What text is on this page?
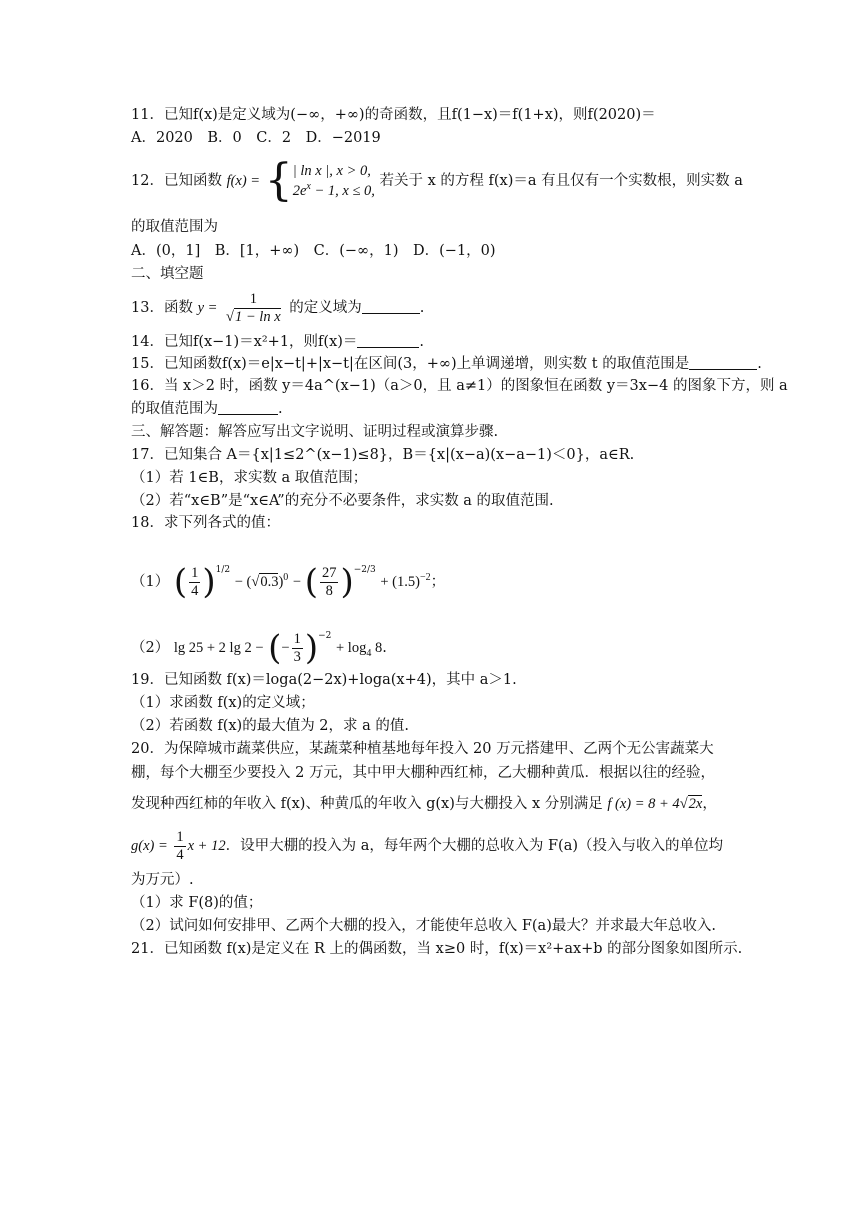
11．已知f(x)是定义域为(−∞，+∞)的奇函数，且f(1−x)＝f(1+x)，则f(2020)＝
A．2020　B．0　C．2　D．−2019
12．已知函数 f(x) = { | ln x |, x > 0,
$2e^x - 1$, x ≤ 0,
若关于 x 的方程 f(x)＝a 有且仅有一个实数根，则实数 a
的取值范围为
A．(0，1]　B．[1，+∞)　C．(−∞，1)　D．(−1，0)
二、填空题
13．函数 $y = \frac{1}{\text{√1 − ln x}}$ 的定义域为	.
14．已知f(x−1)＝x²+1，则f(x)＝	.
15．已知函数f(x)＝e|x−t|+|x−t|在区间(3，+∞)上单调递增，则实数 t 的取值范围是	.
16．当 x＞2 时，函数 y＝4a^(x−1)（a＞0，且 a≠1）的图象恒在函数 y＝3x−4 的图象下方，则 a
的取值范围为	.
三、解答题：解答应写出文字说明、证明过程或演算步骤.
17．已知集合 A＝{x|1≤2^(x−1)≤8}，B＝{x|(x−a)(x−a−1)＜0}，a∈R.
（1）若 1∈B，求实数 a 取值范围；
（2）若“x∈B”是“x∈A”的充分不必要条件，求实数 a 的取值范围.
18．求下列各式的值：
（1） ( $\frac{1}{4} )^{1/2} - (√0.3)^0$ − ( $\frac{27}{8} )^{-2/3} + (1.5)^{-2}$；
（2） lg 25 + 2 lg 2 − (− $\frac{1}{3} )^{-2} + \log_4 8$.
19．已知函数 f(x)＝loga(2−2x)+loga(x+4)，其中 a＞1.
（1）求函数 f(x)的定义域；
（2）若函数 f(x)的最大值为 2，求 a 的值.
20．为保障城市蔬菜供应，某蔬菜种植基地每年投入 20 万元搭建甲、乙两个无公害蔬菜大
棚，每个大棚至少要投入 2 万元，其中甲大棚种西红柿，乙大棚种黄瓜．根据以往的经验，
发现种西红柿的年收入 f(x)、种黄瓜的年收入 g(x)与大棚投入 x 分别满足 f (x) = 8 + 4√2x，
$g(x) = \frac{1}{4}$ x + 12．设甲大棚的投入为 a，每年两个大棚的总收入为 F(a)（投入与收入的单位均
为万元）.
（1）求 F(8)的值；
（2）试问如何安排甲、乙两个大棚的投入，才能使年总收入 F(a)最大？并求最大年总收入.
21．已知函数 f(x)是定义在 R 上的偶函数，当 x≥0 时，f(x)＝x²+ax+b 的部分图象如图所示.
